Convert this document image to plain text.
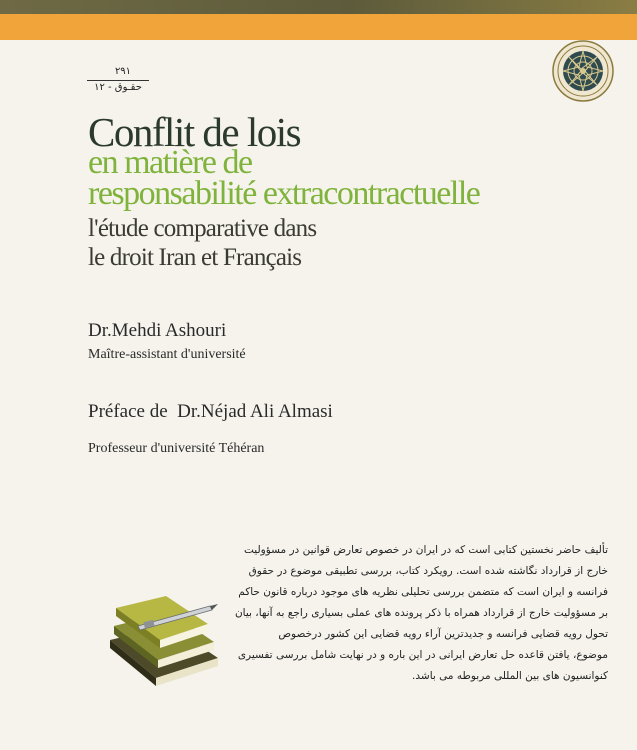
۲۹۱
حقـوق - ۱۲
Conflit de lois
en matière de
responsabilité extracontractuelle
l'étude comparative dans
le droit Iran et Français
Dr.Mehdi Ashouri
Maître-assistant d'université
Préface de Dr.Néjad Ali Almasi
Professeur d'université Téhéran

تألیف حاضر نخستین کتابی است که در ایران در خصوص تعارض قوانین در مسؤولیت

خارج از قرارداد نگاشته شده است. رویکرد کتاب، بررسی تطبیقی موضوع در حقوق

فرانسه و ایران است که متضمن بررسی تحلیلی نظریه های موجود درباره قانون حاکم

بر مسؤولیت خارج از قرارداد همراه با ذکر پرونده های عملی بسیاری راجع به آنها، بیان

تحول رویه قضایی فرانسه و جدیدترین آراء رویه قضایی این کشور درخصوص

موضوع، یافتن قاعده حل تعارض ایرانی در این باره و در نهایت شامل بررسی تفسیری

کنوانسیون های بین المللی مربوطه می باشد.
